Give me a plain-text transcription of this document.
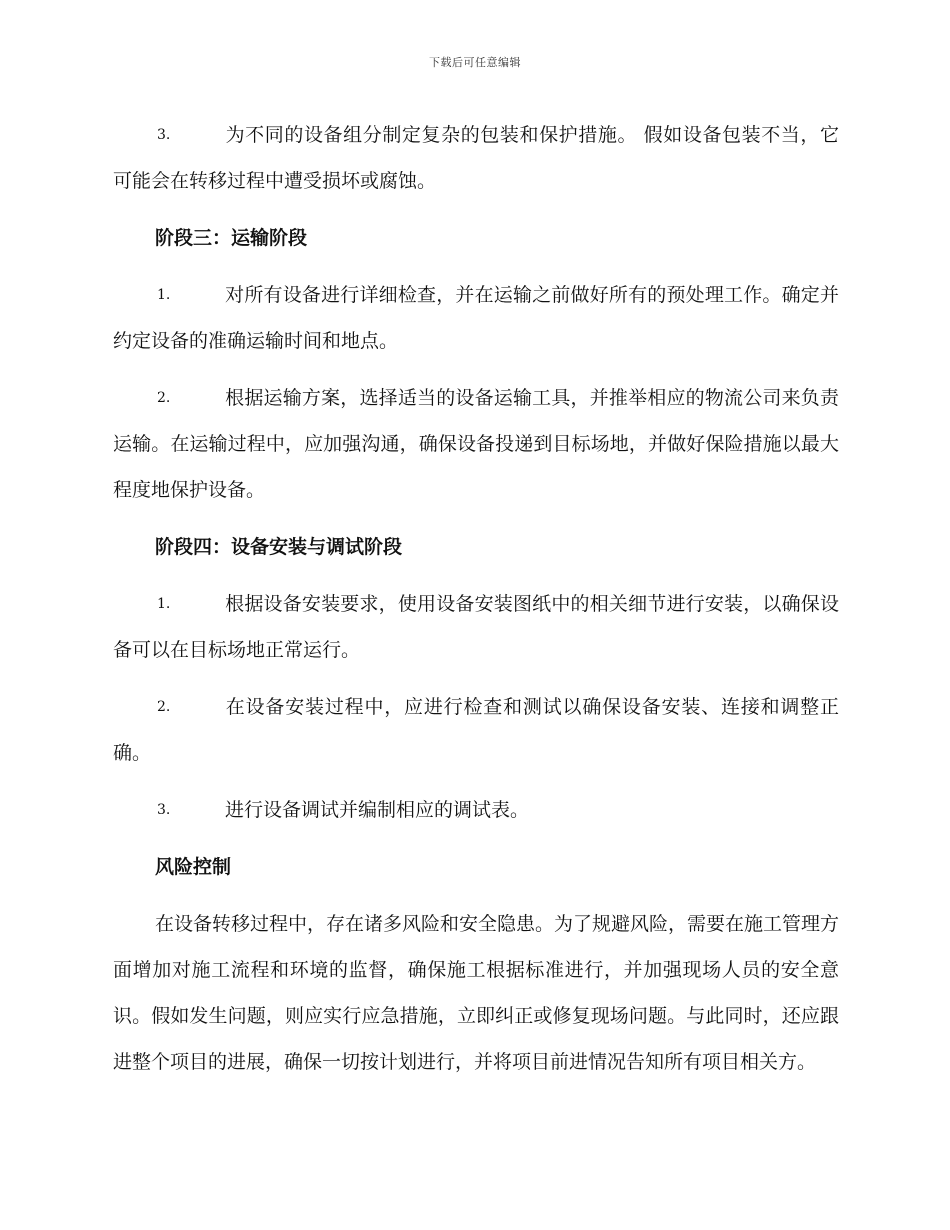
下载后可任意编辑

3.	为不同的设备组分制定复杂的包装和保护措施。 假如设备包装不当，它可能会在转移过程中遭受损坏或腐蚀。

阶段三：运输阶段

1.	对所有设备进行详细检查，并在运输之前做好所有的预处理工作。确定并约定设备的准确运输时间和地点。

2.	根据运输方案，选择适当的设备运输工具，并推举相应的物流公司来负责运输。在运输过程中，应加强沟通，确保设备投递到目标场地，并做好保险措施以最大程度地保护设备。

阶段四：设备安装与调试阶段

1.	根据设备安装要求，使用设备安装图纸中的相关细节进行安装，以确保设备可以在目标场地正常运行。

2.	在设备安装过程中，应进行检查和测试以确保设备安装、连接和调整正确。

3.	进行设备调试并编制相应的调试表。

风险控制

在设备转移过程中，存在诸多风险和安全隐患。为了规避风险，需要在施工管理方面增加对施工流程和环境的监督，确保施工根据标准进行，并加强现场人员的安全意识。假如发生问题，则应实行应急措施，立即纠正或修复现场问题。与此同时，还应跟进整个项目的进展，确保一切按计划进行，并将项目前进情况告知所有项目相关方。
